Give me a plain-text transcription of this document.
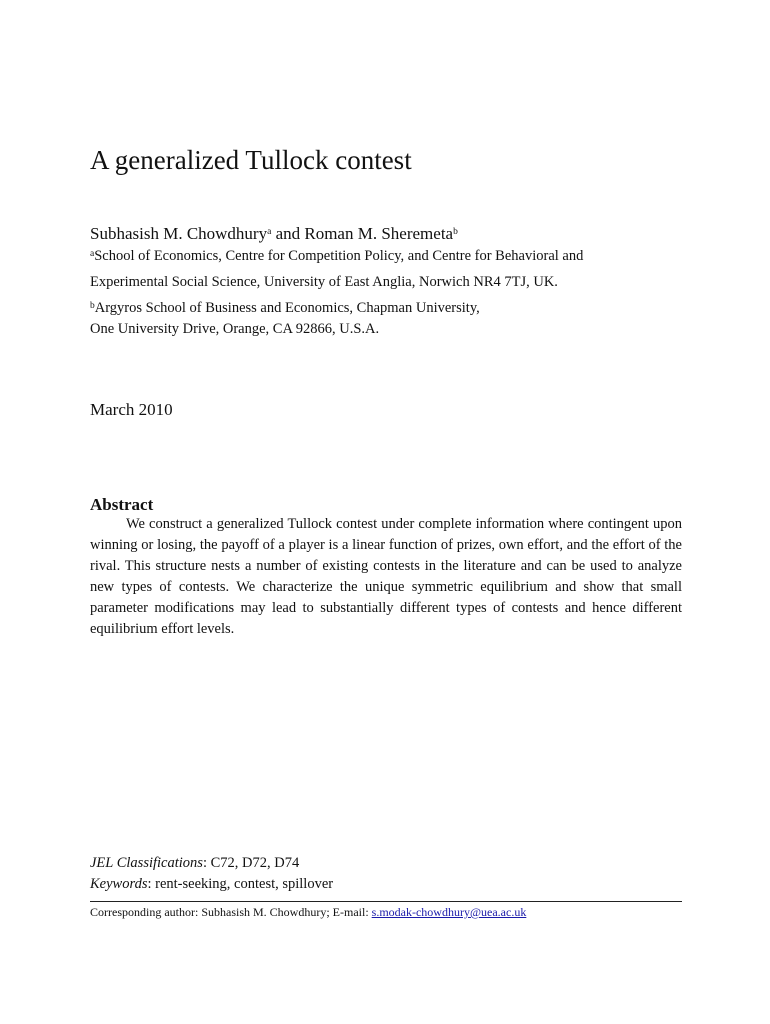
A generalized Tullock contest
Subhasish M. Chowdhury$^a$ and Roman M. Sheremeta$^b$
$^a$School of Economics, Centre for Competition Policy, and Centre for Behavioral and
Experimental Social Science, University of East Anglia, Norwich NR4 7TJ, UK.
$^b$Argyros School of Business and Economics, Chapman University,
One University Drive, Orange, CA 92866, U.S.A.
March 2010
Abstract

We construct a generalized Tullock contest under complete information where contingent upon winning or losing, the payoff of a player is a linear function of prizes, own effort, and the effort of the rival. This structure nests a number of existing contests in the literature and can be used to analyze new types of contests. We characterize the unique symmetric equilibrium and show that small parameter modifications may lead to substantially different types of contests and hence different equilibrium effort levels.

JEL Classifications: C72, D72, D74
Keywords: rent-seeking, contest, spillover
Corresponding author: Subhasish M. Chowdhury; E-mail: s.modak-chowdhury@uea.ac.uk
